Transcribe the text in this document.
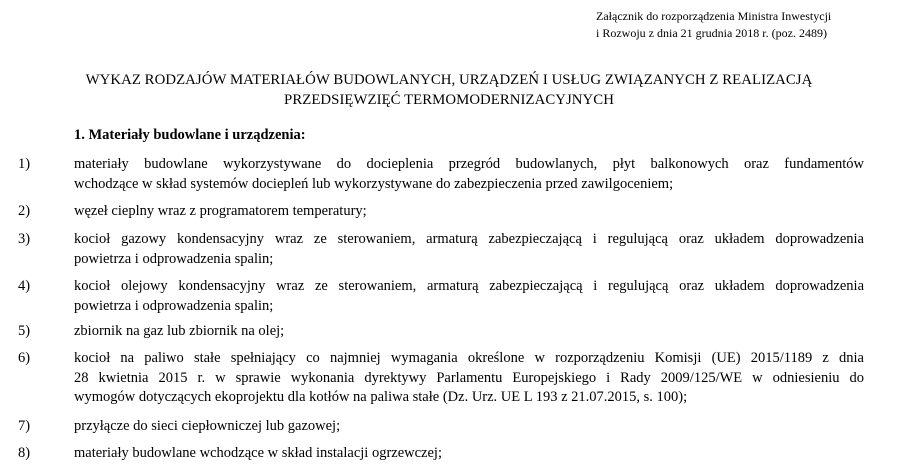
Załącznik do rozporządzenia Ministra Inwestycji
i Rozwoju z dnia 21 grudnia 2018 r. (poz. 2489)
WYKAZ RODZAJÓW MATERIAŁÓW BUDOWLANYCH, URZĄDZEŃ I USŁUG ZWIĄZANYCH Z REALIZACJĄ
PRZEDSIĘWZIĘĆ TERMOMODERNIZACYJNYCH
1. Materiały budowlane i urządzenia:
1)	materiały budowlane wykorzystywane do docieplenia przegród budowlanych, płyt balkonowych oraz fundamentów
wchodzące w skład systemów dociepleń lub wykorzystywane do zabezpieczenia przed zawilgoceniem;
2)	węzeł cieplny wraz z programatorem temperatury;
3)	kocioł gazowy kondensacyjny wraz ze sterowaniem, armaturą zabezpieczającą i regulującą oraz układem doprowadzenia
powietrza i odprowadzenia spalin;
4)	kocioł olejowy kondensacyjny wraz ze sterowaniem, armaturą zabezpieczającą i regulującą oraz układem doprowadzenia
powietrza i odprowadzenia spalin;
5)	zbiornik na gaz lub zbiornik na olej;
6)	kocioł na paliwo stałe spełniający co najmniej wymagania określone w rozporządzeniu Komisji (UE) 2015/1189 z dnia
28 kwietnia 2015 r. w sprawie wykonania dyrektywy Parlamentu Europejskiego i Rady 2009/125/WE w odniesieniu do
wymogów dotyczących ekoprojektu dla kotłów na paliwa stałe (Dz. Urz. UE L 193 z 21.07.2015, s. 100);
7)	przyłącze do sieci ciepłowniczej lub gazowej;
8)	materiały budowlane wchodzące w skład instalacji ogrzewczej;
